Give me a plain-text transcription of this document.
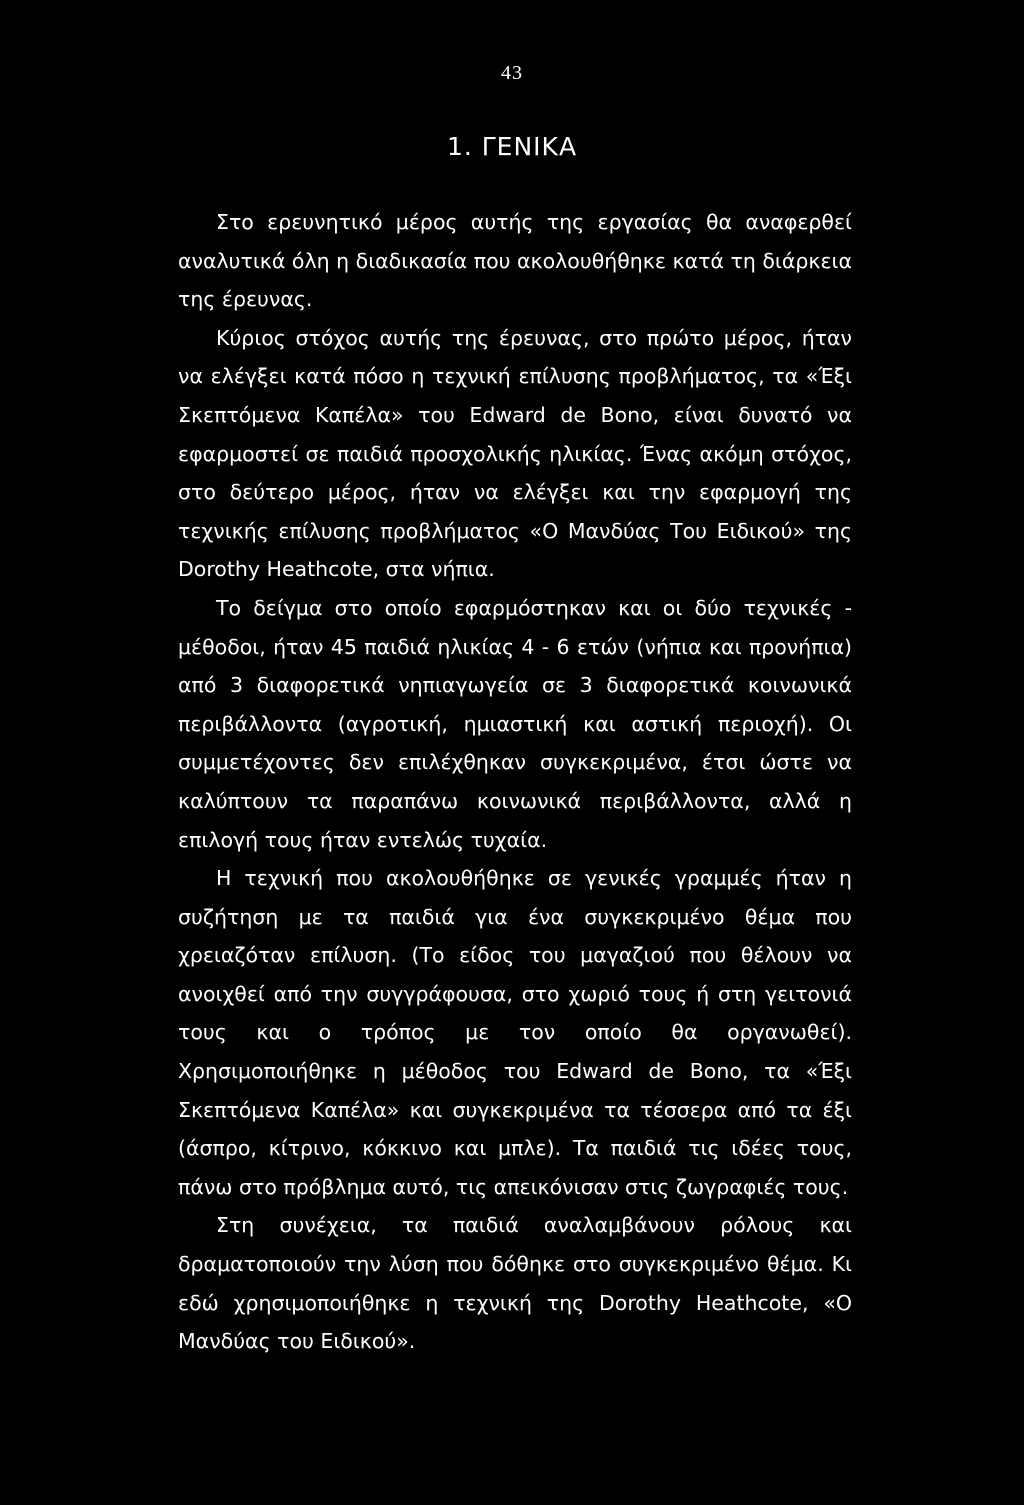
43
1. ΓΕΝΙΚΑ

Στο ερευνητικό μέρος αυτής της εργασίας θα αναφερθεί αναλυτικά όλη η διαδικασία που ακολουθήθηκε κατά τη διάρκεια της έρευνας.

Κύριος στόχος αυτής της έρευνας, στο πρώτο μέρος, ήταν να ελέγξει κατά πόσο η τεχνική επίλυσης προβλήματος, τα «Έξι Σκεπτόμενα Καπέλα» του Edward de Bono, είναι δυνατό να εφαρμοστεί σε παιδιά προσχολικής ηλικίας. Ένας ακόμη στόχος, στο δεύτερο μέρος, ήταν να ελέγξει και την εφαρμογή της τεχνικής επίλυσης προβλήματος «Ο Μανδύας Του Ειδικού» της Dorothy Heathcote, στα νήπια.

Το δείγμα στο οποίο εφαρμόστηκαν και οι δύο τεχνικές - μέθοδοι, ήταν 45 παιδιά ηλικίας 4 - 6 ετών (νήπια και προνήπια) από 3 διαφορετικά νηπιαγωγεία σε 3 διαφορετικά κοινωνικά περιβάλλοντα (αγροτική, ημιαστική και αστική περιοχή). Οι συμμετέχοντες δεν επιλέχθηκαν συγκεκριμένα, έτσι ώστε να καλύπτουν τα παραπάνω κοινωνικά περιβάλλοντα, αλλά η επιλογή τους ήταν εντελώς τυχαία.

Η τεχνική που ακολουθήθηκε σε γενικές γραμμές ήταν η συζήτηση με τα παιδιά για ένα συγκεκριμένο θέμα που χρειαζόταν επίλυση. (Το είδος του μαγαζιού που θέλουν να ανοιχθεί από την συγγράφουσα, στο χωριό τους ή στη γειτονιά τους και ο τρόπος με τον οποίο θα οργανωθεί). Χρησιμοποιήθηκε η μέθοδος του Edward de Bono, τα «Έξι Σκεπτόμενα Καπέλα» και συγκεκριμένα τα τέσσερα από τα έξι (άσπρο, κίτρινο, κόκκινο και μπλε). Τα παιδιά τις ιδέες τους, πάνω στο πρόβλημα αυτό, τις απεικόνισαν στις ζωγραφιές τους.

Στη συνέχεια, τα παιδιά αναλαμβάνουν ρόλους και δραματοποιούν την λύση που δόθηκε στο συγκεκριμένο θέμα. Κι εδώ χρησιμοποιήθηκε η τεχνική της Dorothy Heathcote, «Ο Μανδύας του Ειδικού».
